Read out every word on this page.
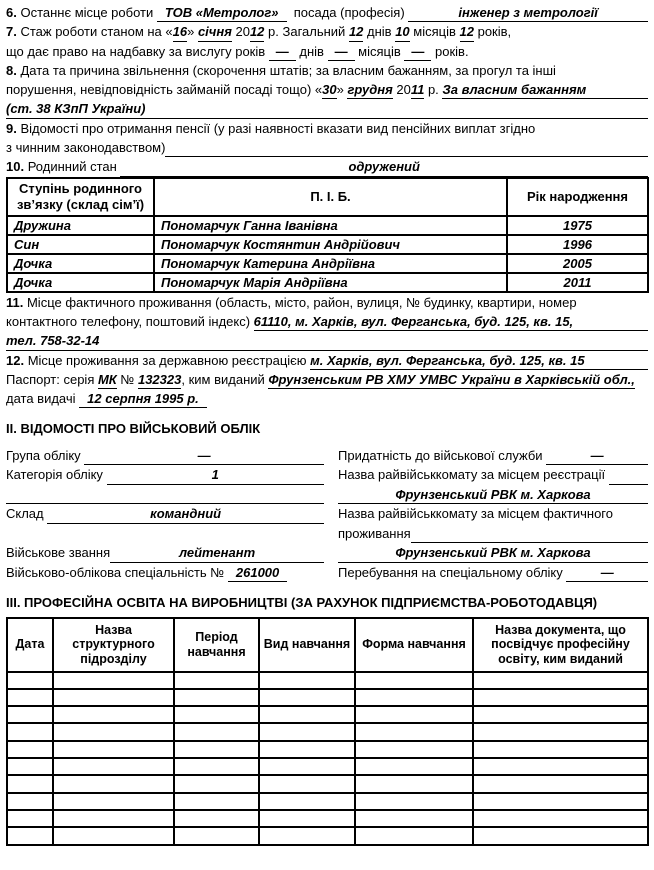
6. Останнє місце роботи ТОВ «Метролог» посада (професія)	інженер з метрології
7. Стаж роботи станом на « 16 » січня 20 12 р. Загальний 12 днів 10 місяців 12 років,
що дає право на надбавку за вислугу років — днів — місяців — років.
8. Дата та причина звільнення (скорочення штатів; за власним бажанням, за прогул та інші
порушення, невідповідність займаній посаді тощо) « 30 » грудня 20 11 р. За власним бажанням
(ст. 38 КЗпП України)
9. Відомості про отримання пенсії (у разі наявності вказати вид пенсійних виплат згідно
з чинним законодавством)
10. Родинний стан	одружений
Ступінь родинного зв’язку (склад сім’ї)	П. І. Б.	Рік народження
Дружина	Пономарчук Ганна Іванівна	1975
Син	Пономарчук Костянтин Андрійович	1996
Дочка	Пономарчук Катерина Андріївна	2005
Дочка	Пономарчук Марія Андріївна	2011
11. Місце фактичного проживання (область, місто, район, вулиця, № будинку, квартири, номер
контактного телефону, поштовий індекс) 61110, м. Харків, вул. Ферганська, буд. 125, кв. 15,
тел. 758-32-14
12. Місце проживання за державною реєстрацією м. Харків, вул. Ферганська, буд. 125, кв. 15
Паспорт: серія МК № 132323 , ким виданий Фрунзенським РВ ХМУ УМВС України в Харківській обл.,
дата видачі 12 серпня 1995 р.
II. ВІДОМОСТІ ПРО ВІЙСЬКОВИЙ ОБЛІК
Група обліку	—
Категорія обліку	1
Склад	командний
Військове звання	лейтенант
Військово-облікова спеціальність № 261000
Придатність до військової служби	—
Назва райвійськкомату за місцем реєстрації
Фрунзенський РВК м. Харкова
Назва райвійськкомату за місцем фактичного
проживання
Фрунзенський РВК м. Харкова
Перебування на спеціальному обліку	—
III. ПРОФЕСІЙНА ОСВІТА НА ВИРОБНИЦТВІ (ЗА РАХУНОК ПІДПРИЄМСТВА-РОБОТОДАВЦЯ)
Дата	Назва структурного підрозділу	Період навчання	Вид навчання	Форма навчання	Назва документа, що посвідчує професійну освіту, ким виданий
